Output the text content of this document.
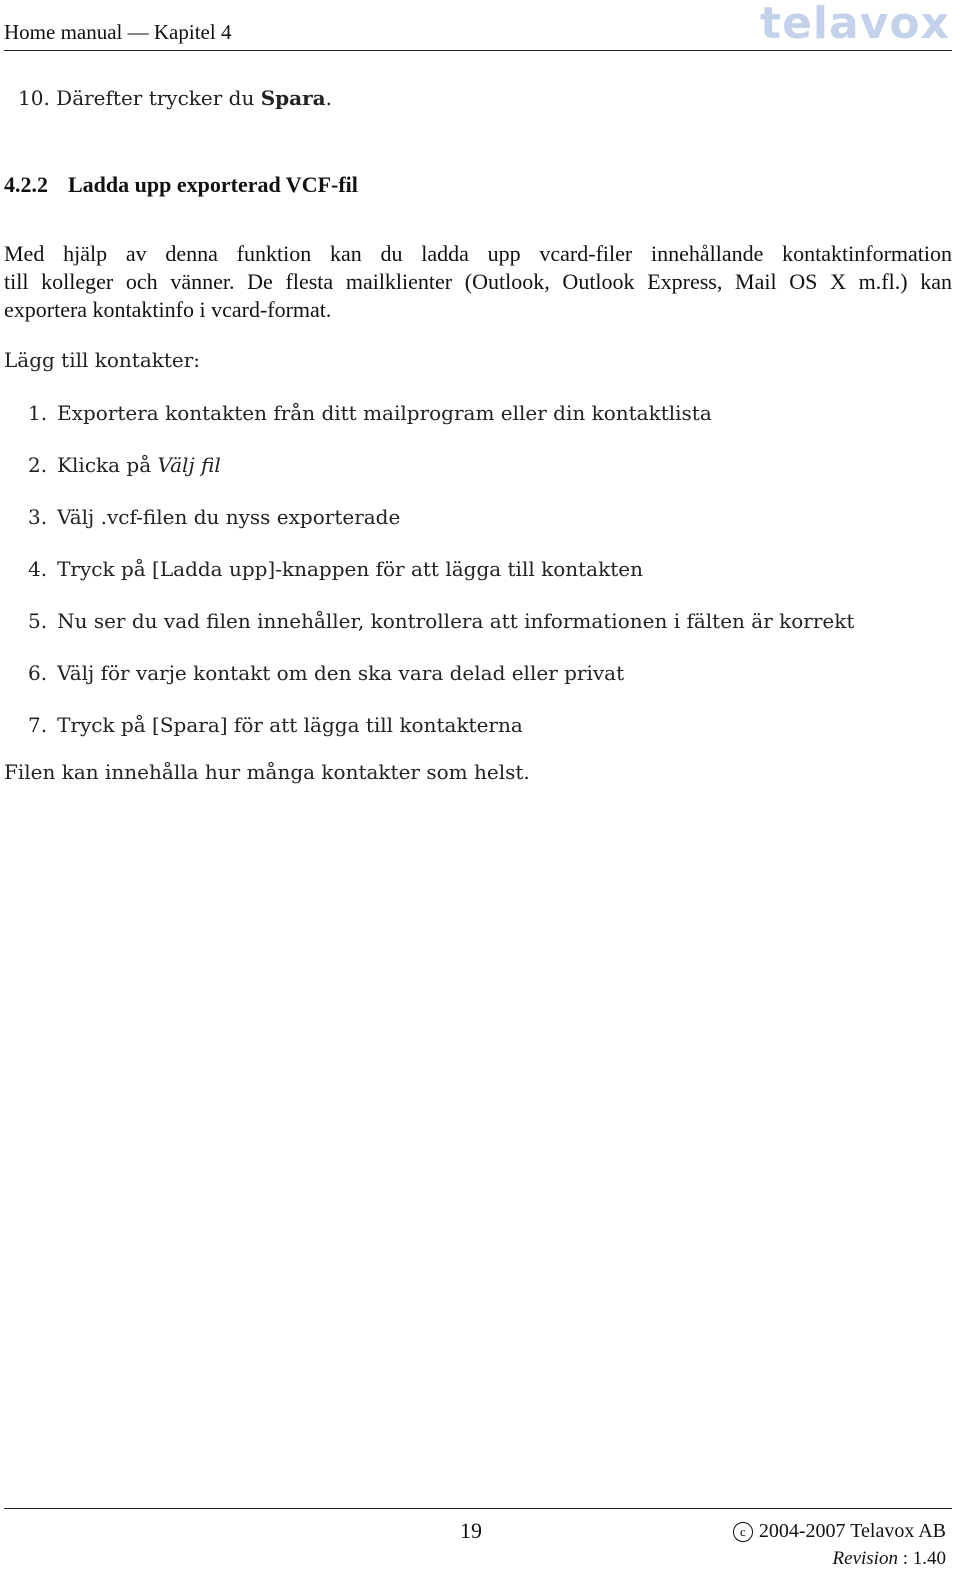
Home manual — Kapitel 4	telavox
10. Därefter trycker du Spara.
4.2.2 Ladda upp exporterad VCF-fil
Med hjälp av denna funktion kan du ladda upp vcard-filer innehållande kontaktinformation
till kolleger och vänner. De flesta mailklienter (Outlook, Outlook Express, Mail OS X m.fl.) kan
exportera kontaktinfo i vcard-format.
Lägg till kontakter:
1. Exportera kontakten från ditt mailprogram eller din kontaktlista
2. Klicka på Välj fil
3. Välj .vcf-filen du nyss exporterade
4. Tryck på [Ladda upp]-knappen för att lägga till kontakten
5. Nu ser du vad filen innehåller, kontrollera att informationen i fälten är korrekt
6. Välj för varje kontakt om den ska vara delad eller privat
7. Tryck på [Spara] för att lägga till kontakterna
Filen kan innehålla hur många kontakter som helst.
19	c 2004-2007 Telavox AB
Revision : 1.40
